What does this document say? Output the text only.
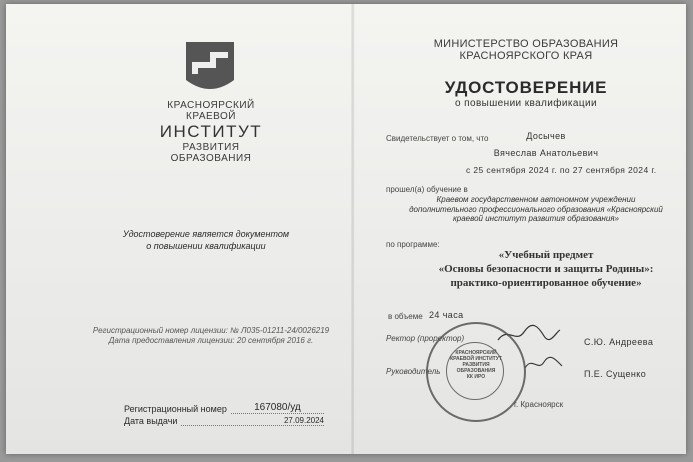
КРАСНОЯРСКИЙ
КРАЕВОЙ
ИНСТИТУТ
РАЗВИТИЯ
ОБРАЗОВАНИЯ
Удостоверение является документом
о повышении квалификации
Регистрационный номер лицензии: № Л035-01211-24/0026219
Дата предоставления лицензии: 20 сентября 2016 г.
Регистрационный номер	167080/уд
Дата выдачи	27.09.2024
МИНИСТЕРСТВО ОБРАЗОВАНИЯ
КРАСНОЯРСКОГО КРАЯ
УДОСТОВЕРЕНИЕ
о повышении квалификации
Свидетельствует о том, что	Досычев
Вячеслав Анатольевич
с 25 сентября 2024 г. по 27 сентября 2024 г.
прошел(а) обучение в
Краевом государственном автономном учреждении
дополнительного профессионального образования «Красноярский
краевой институт развития образования»
по программе:
«Учебный предмет
«Основы безопасности и защиты Родины»:
практико-ориентированное обучение»
в объеме 24 часа
Ректор (проректор)	С.Ю. Андреева
Руководитель	П.Е. Сущенко
КРАСНОЯРСКИЙ
КРАЕВОЙ ИНСТИТУТ
РАЗВИТИЯ
ОБРАЗОВАНИЯ
КК ИРО
г. Красноярск
